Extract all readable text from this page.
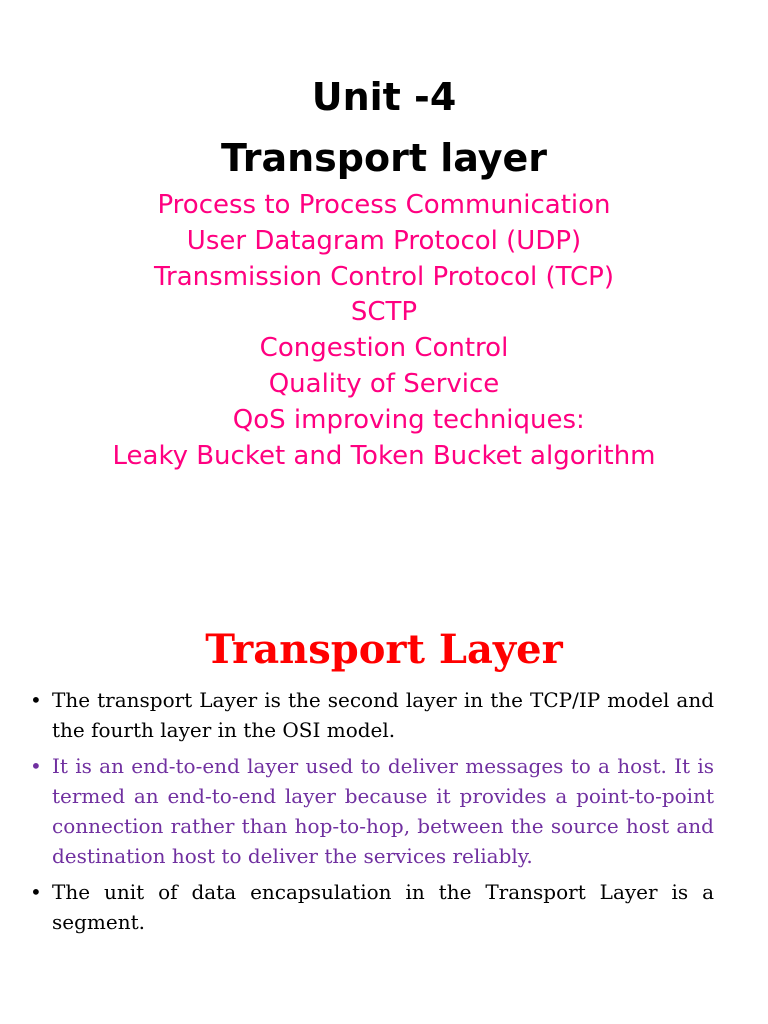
Unit -4
Transport layer
Process to Process Communication
User Datagram Protocol (UDP)
Transmission Control Protocol (TCP)
SCTP
Congestion Control
Quality of Service
QoS improving techniques:
Leaky Bucket and Token Bucket algorithm
Transport Layer
• The transport Layer is the second layer in the TCP/IP model and the fourth layer in the OSI model.
• It is an end-to-end layer used to deliver messages to a host. It is termed an end-to-end layer because it provides a point-to-point connection rather than hop-to-hop, between the source host and destination host to deliver the services reliably.
• The unit of data encapsulation in the Transport Layer is a segment.
